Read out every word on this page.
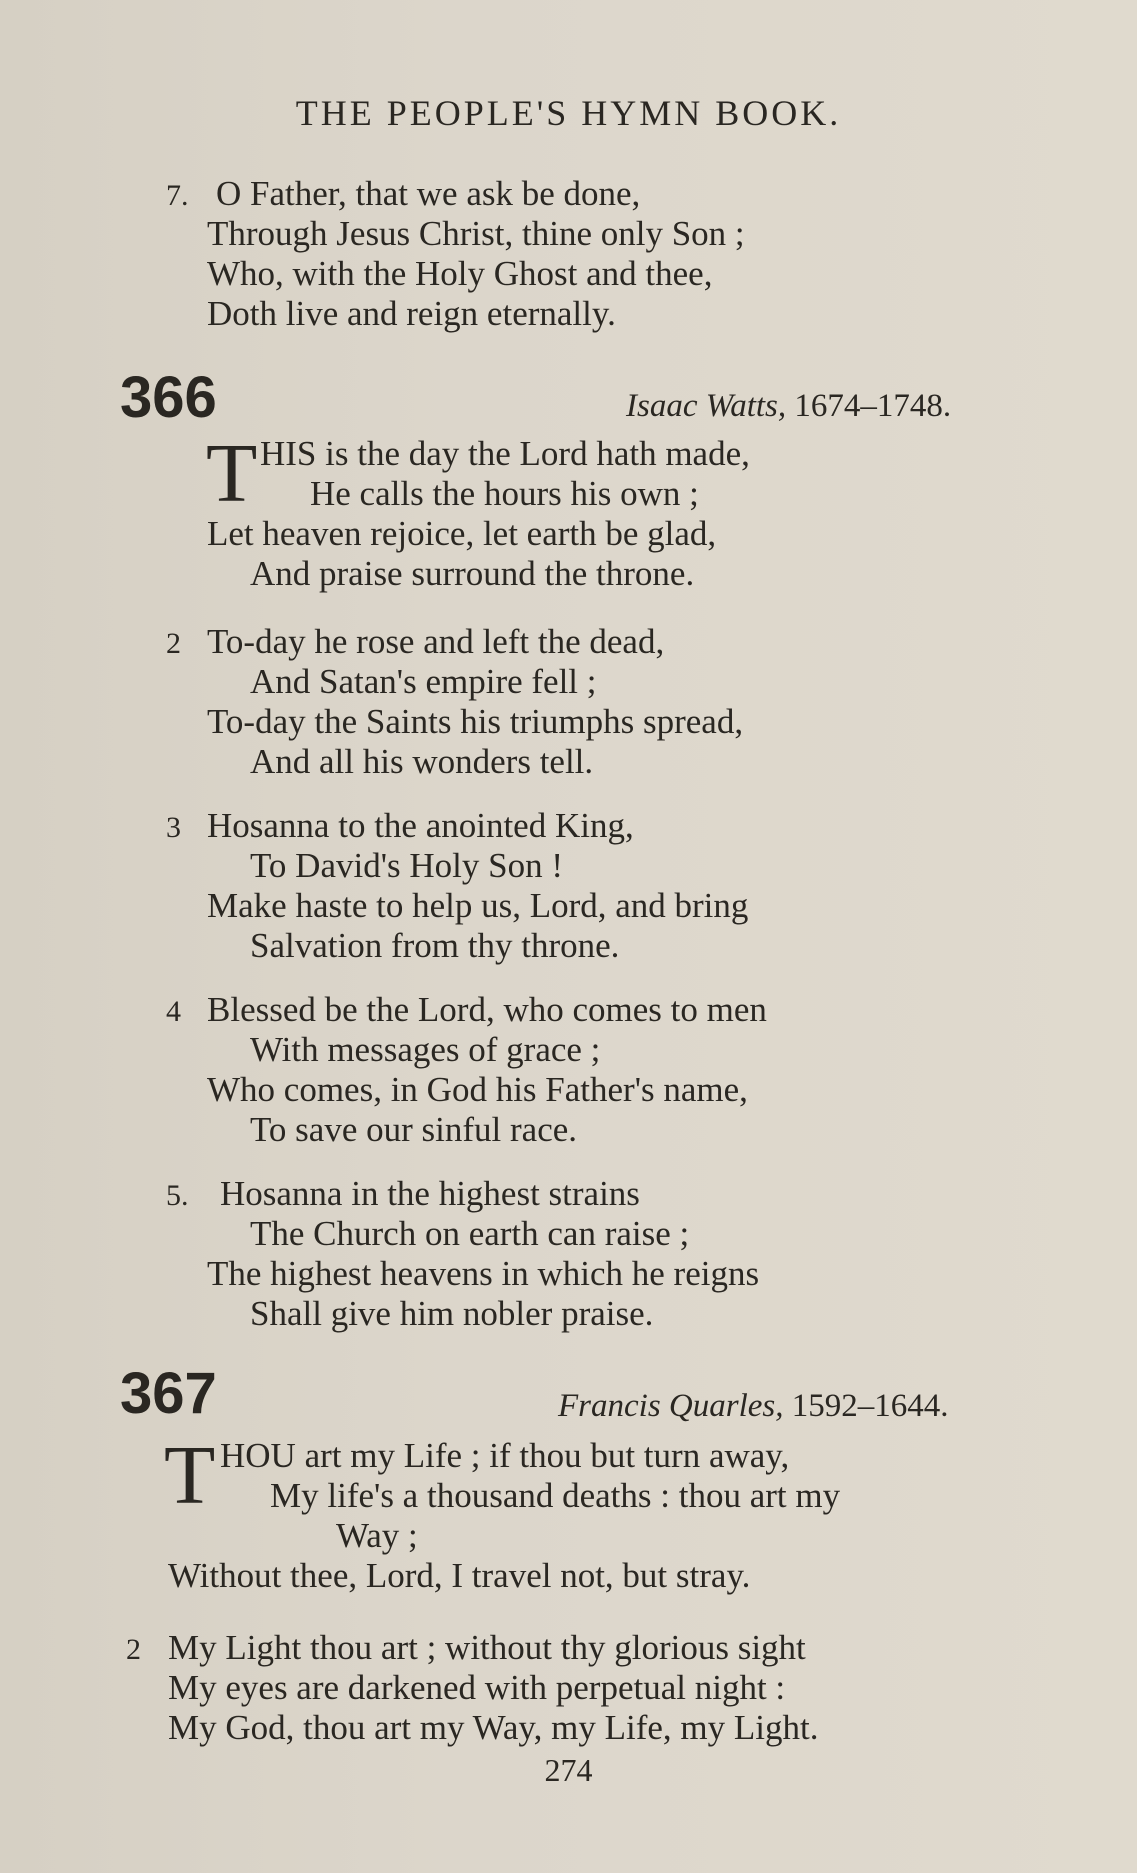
THE PEOPLE'S HYMN BOOK.
7. O Father, that we ask be done,
Through Jesus Christ, thine only Son ;
Who, with the Holy Ghost and thee,
Doth live and reign eternally.
366	Isaac Watts, 1674–1748.
T HIS is the day the Lord hath made,
He calls the hours his own ;
Let heaven rejoice, let earth be glad,
And praise surround the throne.
2 To-day he rose and left the dead,
And Satan's empire fell ;
To-day the Saints his triumphs spread,
And all his wonders tell.
3 Hosanna to the anointed King,
To David's Holy Son !
Make haste to help us, Lord, and bring
Salvation from thy throne.
4 Blessed be the Lord, who comes to men
With messages of grace ;
Who comes, in God his Father's name,
To save our sinful race.
5. Hosanna in the highest strains
The Church on earth can raise ;
The highest heavens in which he reigns
Shall give him nobler praise.
367	Francis Quarles, 1592–1644.
T HOU art my Life ; if thou but turn away,
My life's a thousand deaths : thou art my
Way ;
Without thee, Lord, I travel not, but stray.
2 My Light thou art ; without thy glorious sight
My eyes are darkened with perpetual night :
My God, thou art my Way, my Life, my Light.
274
